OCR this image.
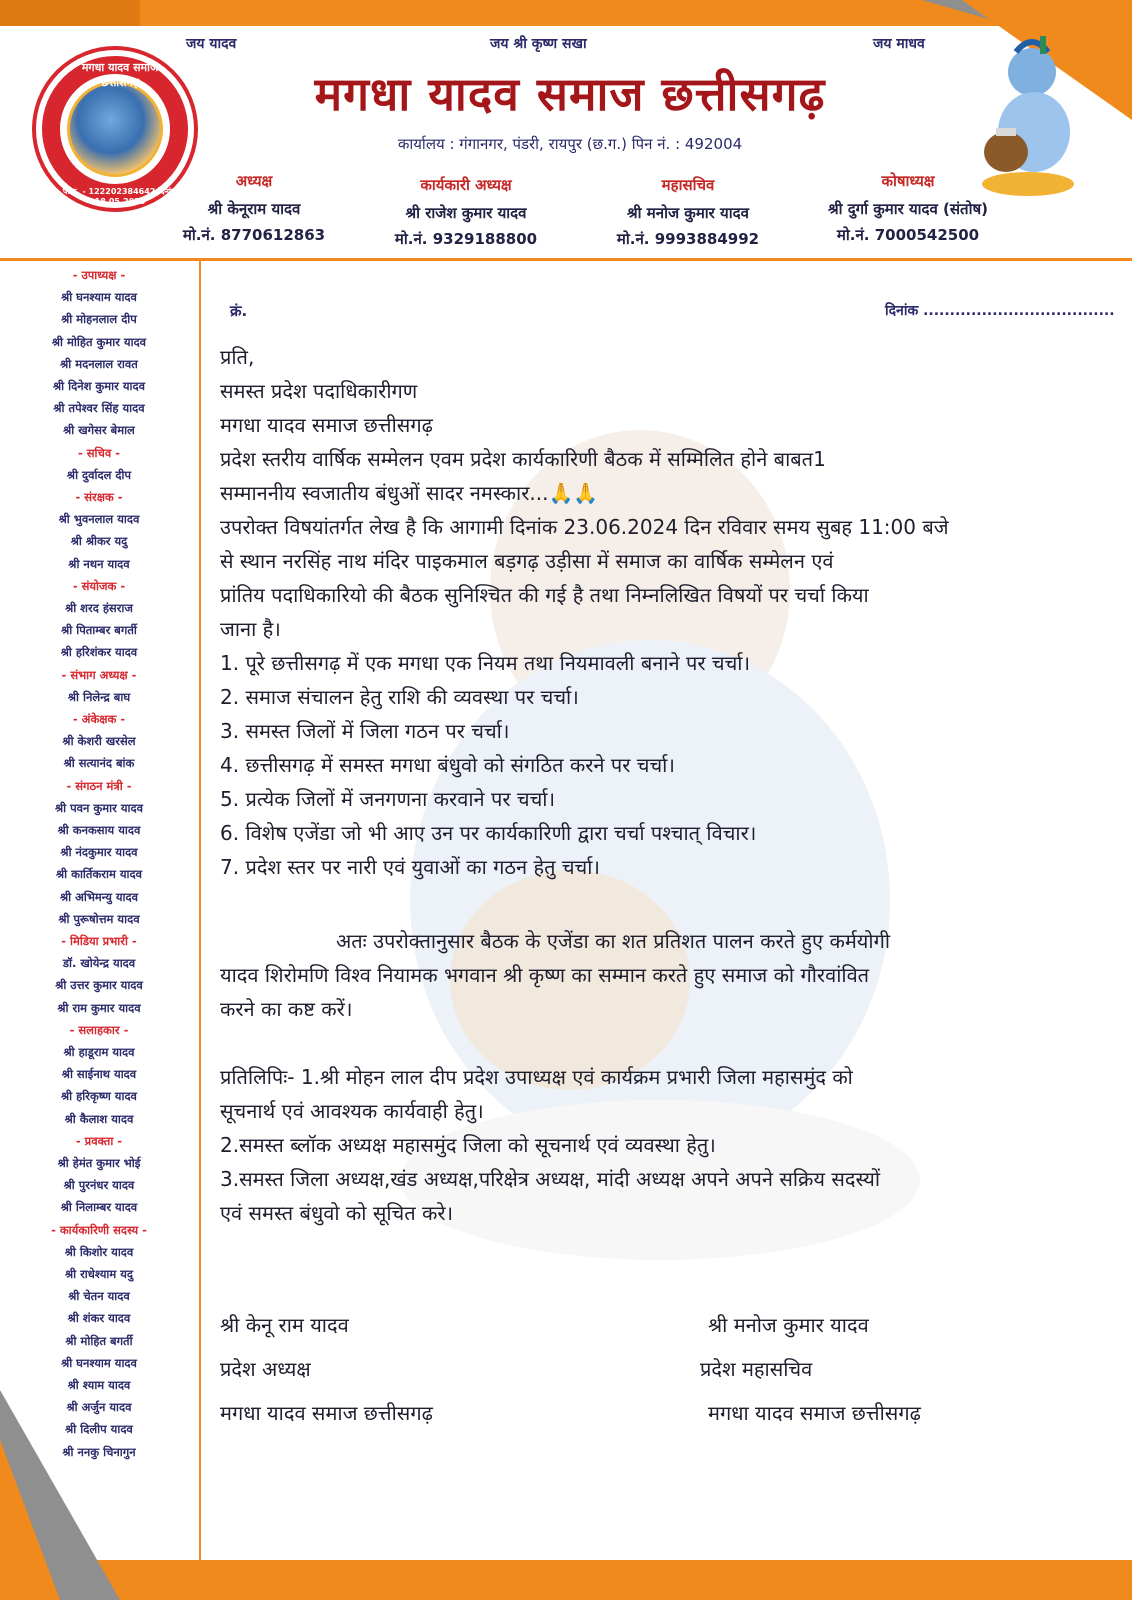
जय यादव	जय श्री कृष्ण सखा	जय माधव
मगधा यादव समाज छत्तीसगढ़
पं.क्र. - 122202384642 दिनांक 18.05.2023
मगधा यादव समाज छत्तीसगढ़
कार्यालय : गंगानगर, पंडरी, रायपुर (छ.ग.) पिन नं. : 492004
अध्यक्ष
श्री केनूराम यादव
मो.नं. 8770612863
कार्यकारी अध्यक्ष
श्री राजेश कुमार यादव
मो.नं. 9329188800
महासचिव
श्री मनोज कुमार यादव
मो.नं. 9993884992
कोषाध्यक्ष
श्री दुर्गा कुमार यादव (संतोष)
मो.नं. 7000542500
- उपाध्यक्ष -
श्री घनश्याम यादव
श्री मोहनलाल दीप
श्री मोहित कुमार यादव
श्री मदनलाल रावत
श्री दिनेश कुमार यादव
श्री तपेश्वर सिंह यादव
श्री खगेसर बेमाल
- सचिव -
श्री दुर्वादल दीप
- संरक्षक -
श्री भुवनलाल यादव
श्री श्रीकर यदु
श्री नथन यादव
- संयोजक -
श्री शरद हंसराज
श्री पिताम्बर बगर्ती
श्री हरिशंकर यादव
- संभाग अध्यक्ष -
श्री निलेन्द्र बाघ
- अंकेक्षक -
श्री केशरी खरसेल
श्री सत्यानंद बांक
- संगठन मंत्री -
श्री पवन कुमार यादव
श्री कनकसाय यादव
श्री नंदकुमार यादव
श्री कार्तिकराम यादव
श्री अभिमन्यु यादव
श्री पुरूषोत्तम यादव
- मिडिया प्रभारी -
डॉ. खोयेन्द्र यादव
श्री उत्तर कुमार यादव
श्री राम कुमार यादव
- सलाहकार -
श्री हाडूराम यादव
श्री साईनाथ यादव
श्री हरिकृष्ण यादव
श्री कैलाश यादव
- प्रवक्ता -
श्री हेमंत कुमार भोई
श्री पुरनंधर यादव
श्री निलाम्बर यादव
- कार्यकारिणी सदस्य -
श्री किशोर यादव
श्री राधेश्याम यदु
श्री चेतन यादव
श्री शंकर यादव
श्री मोहित बगर्ती
श्री घनश्याम यादव
श्री श्याम यादव
श्री अर्जुन यादव
श्री दिलीप यादव
श्री ननकु चिनागुन
क्रं.	दिनांक ....................................
प्रति,
समस्त प्रदेश पदाधिकारीगण
मगधा यादव समाज छत्तीसगढ़
प्रदेश स्तरीय वार्षिक सम्मेलन एवम प्रदेश कार्यकारिणी बैठक में सम्मिलित होने बाबत1
सम्माननीय स्वजातीय बंधुओं सादर नमस्कार...🙏🙏
उपरोक्त विषयांतर्गत लेख है कि आगामी दिनांक 23.06.2024 दिन रविवार समय सुबह 11:00 बजे
से स्थान नरसिंह नाथ मंदिर पाइकमाल बड़गढ़ उड़ीसा में समाज का वार्षिक सम्मेलन एवं
प्रांतिय पदाधिकारियो की बैठक सुनिश्चित की गई है तथा निम्नलिखित विषयों पर चर्चा किया
जाना है।
1. पूरे छत्तीसगढ़ में एक मगधा एक नियम तथा नियमावली बनाने पर चर्चा।
2. समाज संचालन हेतु राशि की व्यवस्था पर चर्चा।
3. समस्त जिलों में जिला गठन पर चर्चा।
4. छत्तीसगढ़ में समस्त मगधा बंधुवो को संगठित करने पर चर्चा।
5. प्रत्येक जिलों में जनगणना करवाने पर चर्चा।
6. विशेष एजेंडा जो भी आए उन पर कार्यकारिणी द्वारा चर्चा पश्चात् विचार।
7. प्रदेश स्तर पर नारी एवं युवाओं का गठन हेतु चर्चा।
अतः उपरोक्तानुसार बैठक के एजेंडा का शत प्रतिशत पालन करते हुए कर्मयोगी
यादव शिरोमणि विश्व नियामक भगवान श्री कृष्ण का सम्मान करते हुए समाज को गौरवांवित
करने का कष्ट करें।
प्रतिलिपिः- 1.श्री मोहन लाल दीप प्रदेश उपाध्यक्ष एवं कार्यक्रम प्रभारी जिला महासमुंद को
सूचनार्थ एवं आवश्यक कार्यवाही हेतु।
2.समस्त ब्लॉक अध्यक्ष महासमुंद जिला को सूचनार्थ एवं व्यवस्था हेतु।
3.समस्त जिला अध्यक्ष,खंड अध्यक्ष,परिक्षेत्र अध्यक्ष, मांदी अध्यक्ष अपने अपने सक्रिय सदस्यों
एवं समस्त बंधुवो को सूचित करे।
श्री केनू राम यादव
प्रदेश अध्यक्ष
मगधा यादव समाज छत्तीसगढ़
श्री मनोज कुमार यादव
प्रदेश महासचिव
मगधा यादव समाज छत्तीसगढ़
